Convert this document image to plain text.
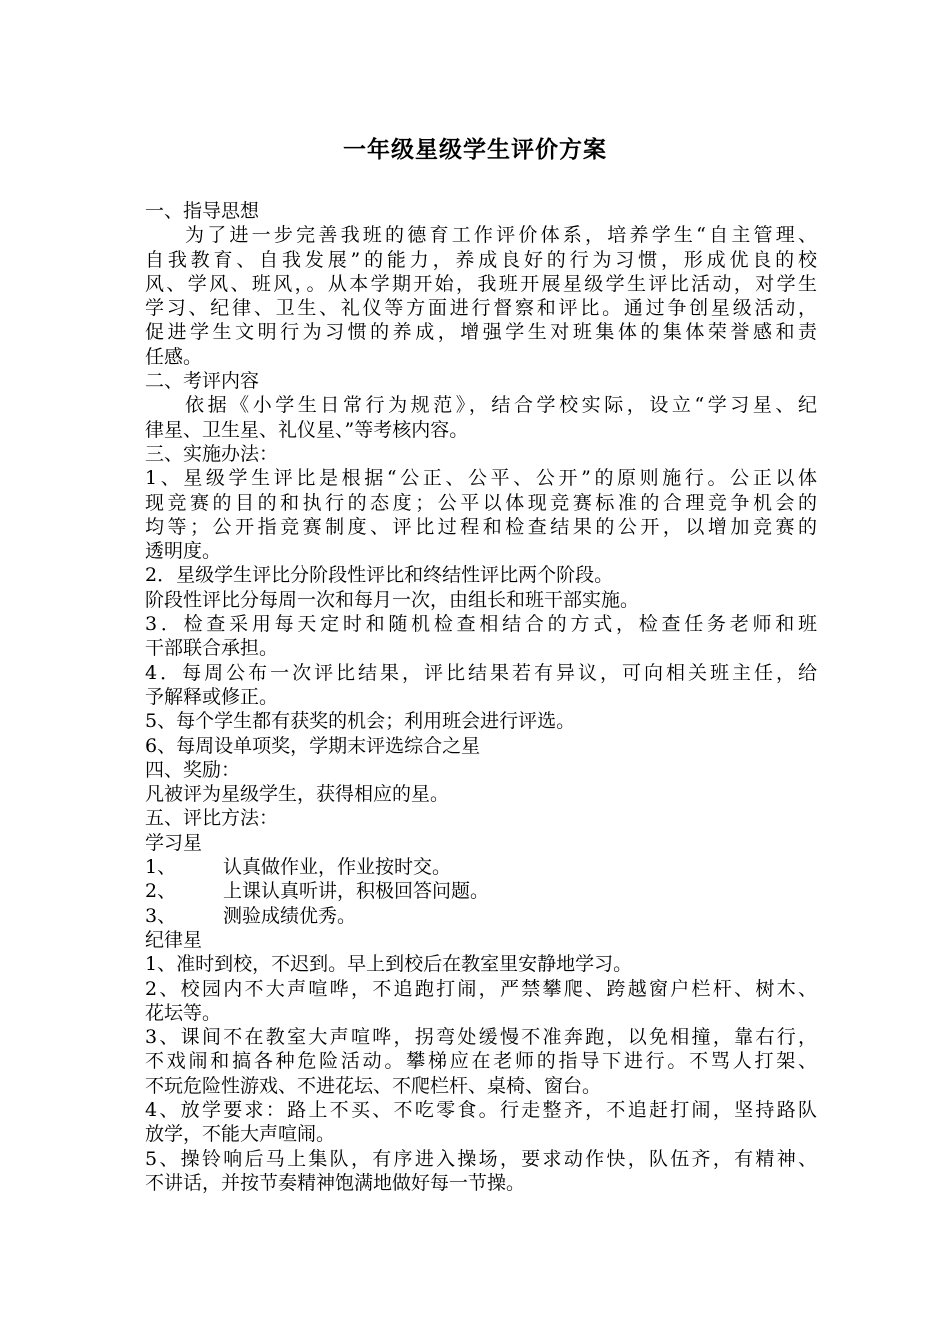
一年级星级学生评价方案
一、指导思想
为了进一步完善我班的德育工作评价体系，培养学生“自主管理、
自我教育、自我发展”的能力，养成良好的行为习惯，形成优良的校
风、学风、班风，。从本学期开始，我班开展星级学生评比活动，对学生
学习、纪律、卫生、礼仪等方面进行督察和评比。通过争创星级活动，
促进学生文明行为习惯的养成，增强学生对班集体的集体荣誉感和责
任感。
二、考评内容
依据《小学生日常行为规范》，结合学校实际，设立“学习星、纪
律星、卫生星、礼仪星、”等考核内容。
三、实施办法：
1、星级学生评比是根据“公正、公平、公开”的原则施行。公正以体
现竞赛的目的和执行的态度；公平以体现竞赛标准的合理竞争机会的
均等；公开指竞赛制度、评比过程和检查结果的公开，以增加竞赛的
透明度。
2．星级学生评比分阶段性评比和终结性评比两个阶段。
阶段性评比分每周一次和每月一次，由组长和班干部实施。
3．检查采用每天定时和随机检查相结合的方式，检查任务老师和班
干部联合承担。
4．每周公布一次评比结果，评比结果若有异议，可向相关班主任，给
予解释或修正。
5、每个学生都有获奖的机会；利用班会进行评选。
6、每周设单项奖，学期末评选综合之星
四、奖励：
凡被评为星级学生，获得相应的星。
五、评比方法：
学习星
1、 认真做作业，作业按时交。
2、 上课认真听讲，积极回答问题。
3、 测验成绩优秀。
纪律星
1、准时到校，不迟到。早上到校后在教室里安静地学习。
2、校园内不大声喧哗，不追跑打闹，严禁攀爬、跨越窗户栏杆、树木、
花坛等。
3、课间不在教室大声喧哗，拐弯处缓慢不准奔跑，以免相撞，靠右行，
不戏闹和搞各种危险活动。攀梯应在老师的指导下进行。不骂人打架、
不玩危险性游戏、不进花坛、不爬栏杆、桌椅、窗台。
4、放学要求：路上不买、不吃零食。行走整齐，不追赶打闹，坚持路队
放学，不能大声喧闹。
5、操铃响后马上集队，有序进入操场，要求动作快，队伍齐，有精神、
不讲话，并按节奏精神饱满地做好每一节操。
